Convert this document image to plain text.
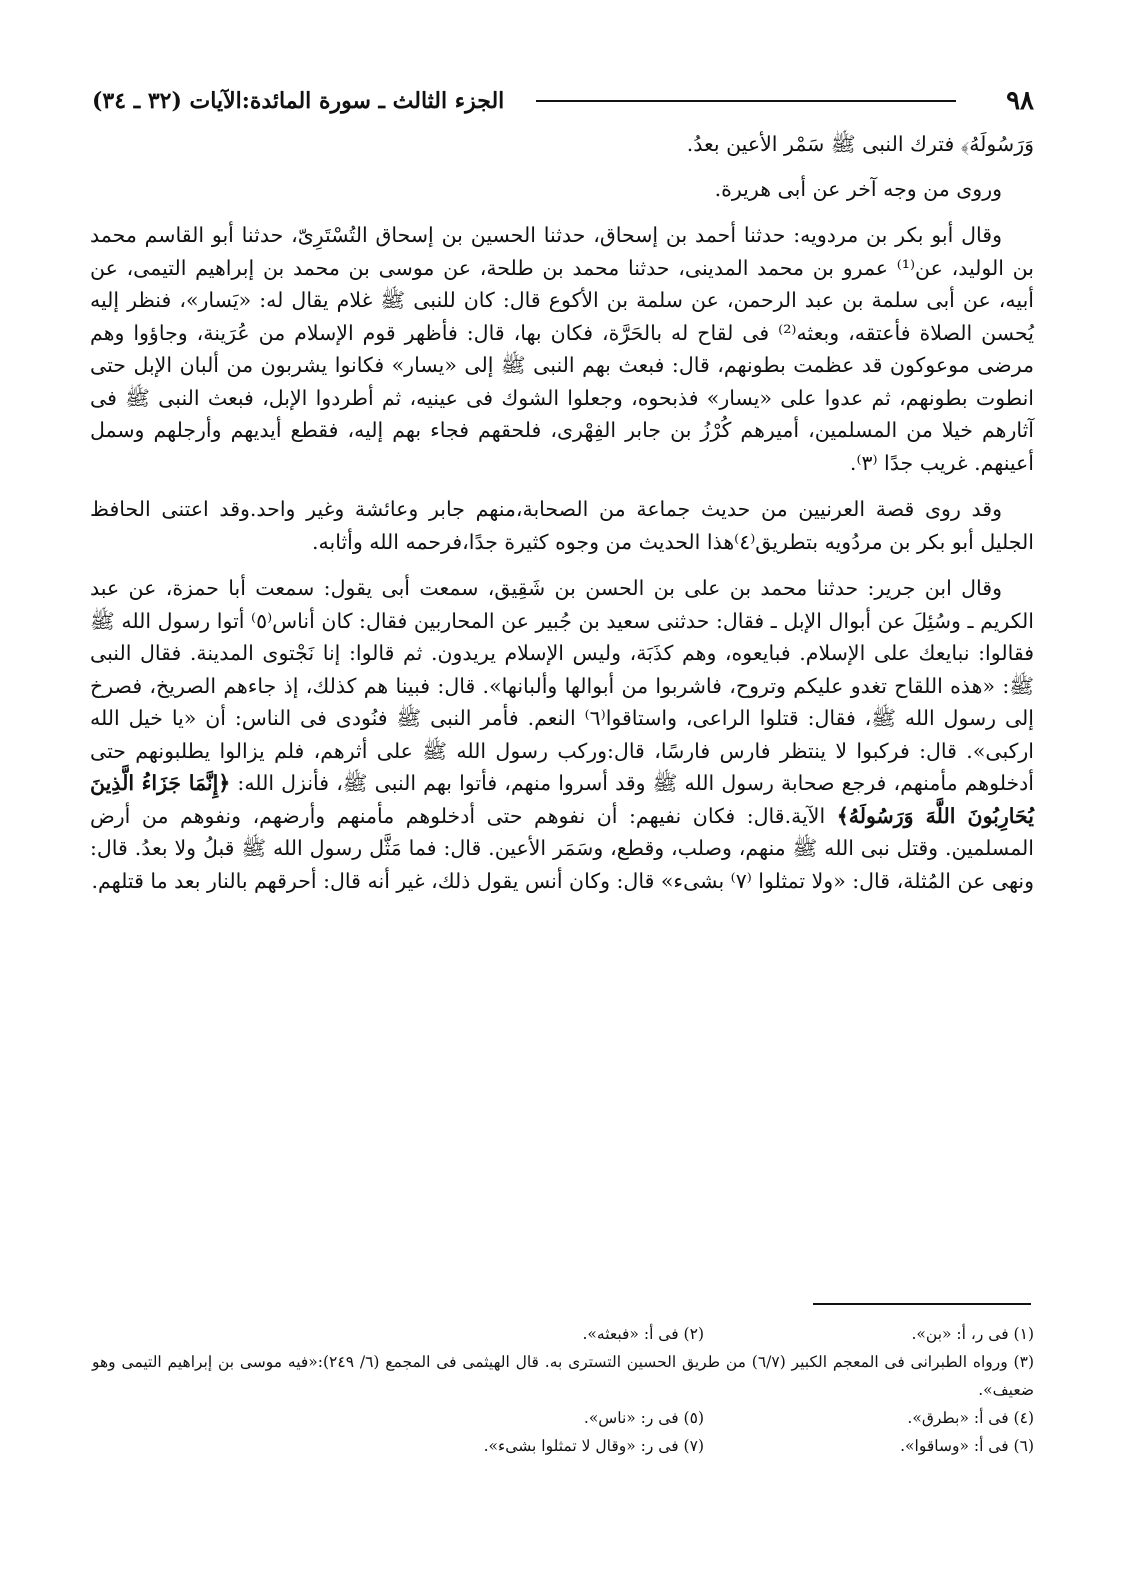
٩٨
الجزء الثالث ـ سورة المائدة:الآيات (٣٢ ـ ٣٤)

وَرَسُولَهُ﴾ فترك النبى ﷺ سَمْر الأعين بعدُ.

وروى من وجه آخر عن أبى هريرة.

وقال أبو بكر بن مردويه: حدثنا أحمد بن إسحاق، حدثنا الحسين بن إسحاق التُسْتَرِىّ، حدثنا أبو القاسم محمد بن الوليد، عن⁽¹⁾ عمرو بن محمد المدينى، حدثنا محمد بن طلحة، عن موسى بن محمد بن إبراهيم التيمى، عن أبيه، عن أبى سلمة بن عبد الرحمن، عن سلمة بن الأكوع قال: كان للنبى ﷺ غلام يقال له: «يَسار»، فنظر إليه يُحسن الصلاة فأعتقه، وبعثه⁽²⁾ فى لقاح له بالحَرَّة، فكان بها، قال: فأظهر قوم الإسلام من عُرَينة، وجاؤوا وهم مرضى موعوكون قد عظمت بطونهم، قال: فبعث بهم النبى ﷺ إلى «يسار» فكانوا يشربون من ألبان الإبل حتى انطوت بطونهم، ثم عدوا على «يسار» فذبحوه، وجعلوا الشوك فى عينيه، ثم أطردوا الإبل، فبعث النبى ﷺ فى آثارهم خيلا من المسلمين، أميرهم كُرْزُ بن جابر الفِهْرى، فلحقهم فجاء بهم إليه، فقطع أيديهم وأرجلهم وسمل أعينهم. غريب جدًا ⁽٣⁾.

وقد روى قصة العرنيين من حديث جماعة من الصحابة،منهم جابر وعائشة وغير واحد.وقد اعتنى الحافظ الجليل أبو بكر بن مردُويه بتطريق⁽٤⁾هذا الحديث من وجوه كثيرة جدًا،فرحمه الله وأثابه.

وقال ابن جرير: حدثنا محمد بن على بن الحسن بن شَقِيق، سمعت أبى يقول: سمعت أبا حمزة، عن عبد الكريم ـ وسُئِلَ عن أبوال الإبل ـ فقال: حدثنى سعيد بن جُبير عن المحاربين فقال: كان أناس⁽٥⁾ أتوا رسول الله ﷺ فقالوا: نبايعك على الإسلام. فبايعوه، وهم كذَبَة، وليس الإسلام يريدون. ثم قالوا: إنا نَجْتوى المدينة. فقال النبى ﷺ: «هذه اللقاح تغدو عليكم وتروح، فاشربوا من أبوالها وألبانها». قال: فبينا هم كذلك، إذ جاءهم الصريخ، فصرخ إلى رسول الله ﷺ، فقال: قتلوا الراعى، واستاقوا⁽٦⁾ النعم. فأمر النبى ﷺ فنُودى فى الناس: أن «يا خيل الله اركبى». قال: فركبوا لا ينتظر فارس فارسًا، قال:وركب رسول الله ﷺ على أثرهم، فلم يزالوا يطلبونهم حتى أدخلوهم مأمنهم، فرجع صحابة رسول الله ﷺ وقد أسروا منهم، فأتوا بهم النبى ﷺ، فأنزل الله: ﴿إِنَّمَا جَزَاءُ الَّذِينَ يُحَارِبُونَ اللَّهَ وَرَسُولَهُ﴾ الآية.قال: فكان نفيهم: أن نفوهم حتى أدخلوهم مأمنهم وأرضهم، ونفوهم من أرض المسلمين. وقتل نبى الله ﷺ منهم، وصلب، وقطع، وسَمَر الأعين. قال: فما مَثَّل رسول الله ﷺ قبلُ ولا بعدُ. قال: ونهى عن المُثلة، قال: «ولا تمثلوا ⁽٧⁾ بشىء» قال: وكان أنس يقول ذلك، غير أنه قال: أحرقهم بالنار بعد ما قتلهم.

(١) فى ر، أ: «بن».
(٢) فى أ: «فبعثه».
(٣) ورواه الطبرانى فى المعجم الكبير (٦/٧) من طريق الحسين التسترى به. قال الهيثمى فى المجمع (٦/ ٢٤٩):«فيه موسى بن إبراهيم التيمى وهو ضعيف».
(٤) فى أ: «بطرق».
(٥) فى ر: «ناس».
(٦) فى أ: «وساقوا».
(٧) فى ر: «وقال لا تمثلوا بشىء».
